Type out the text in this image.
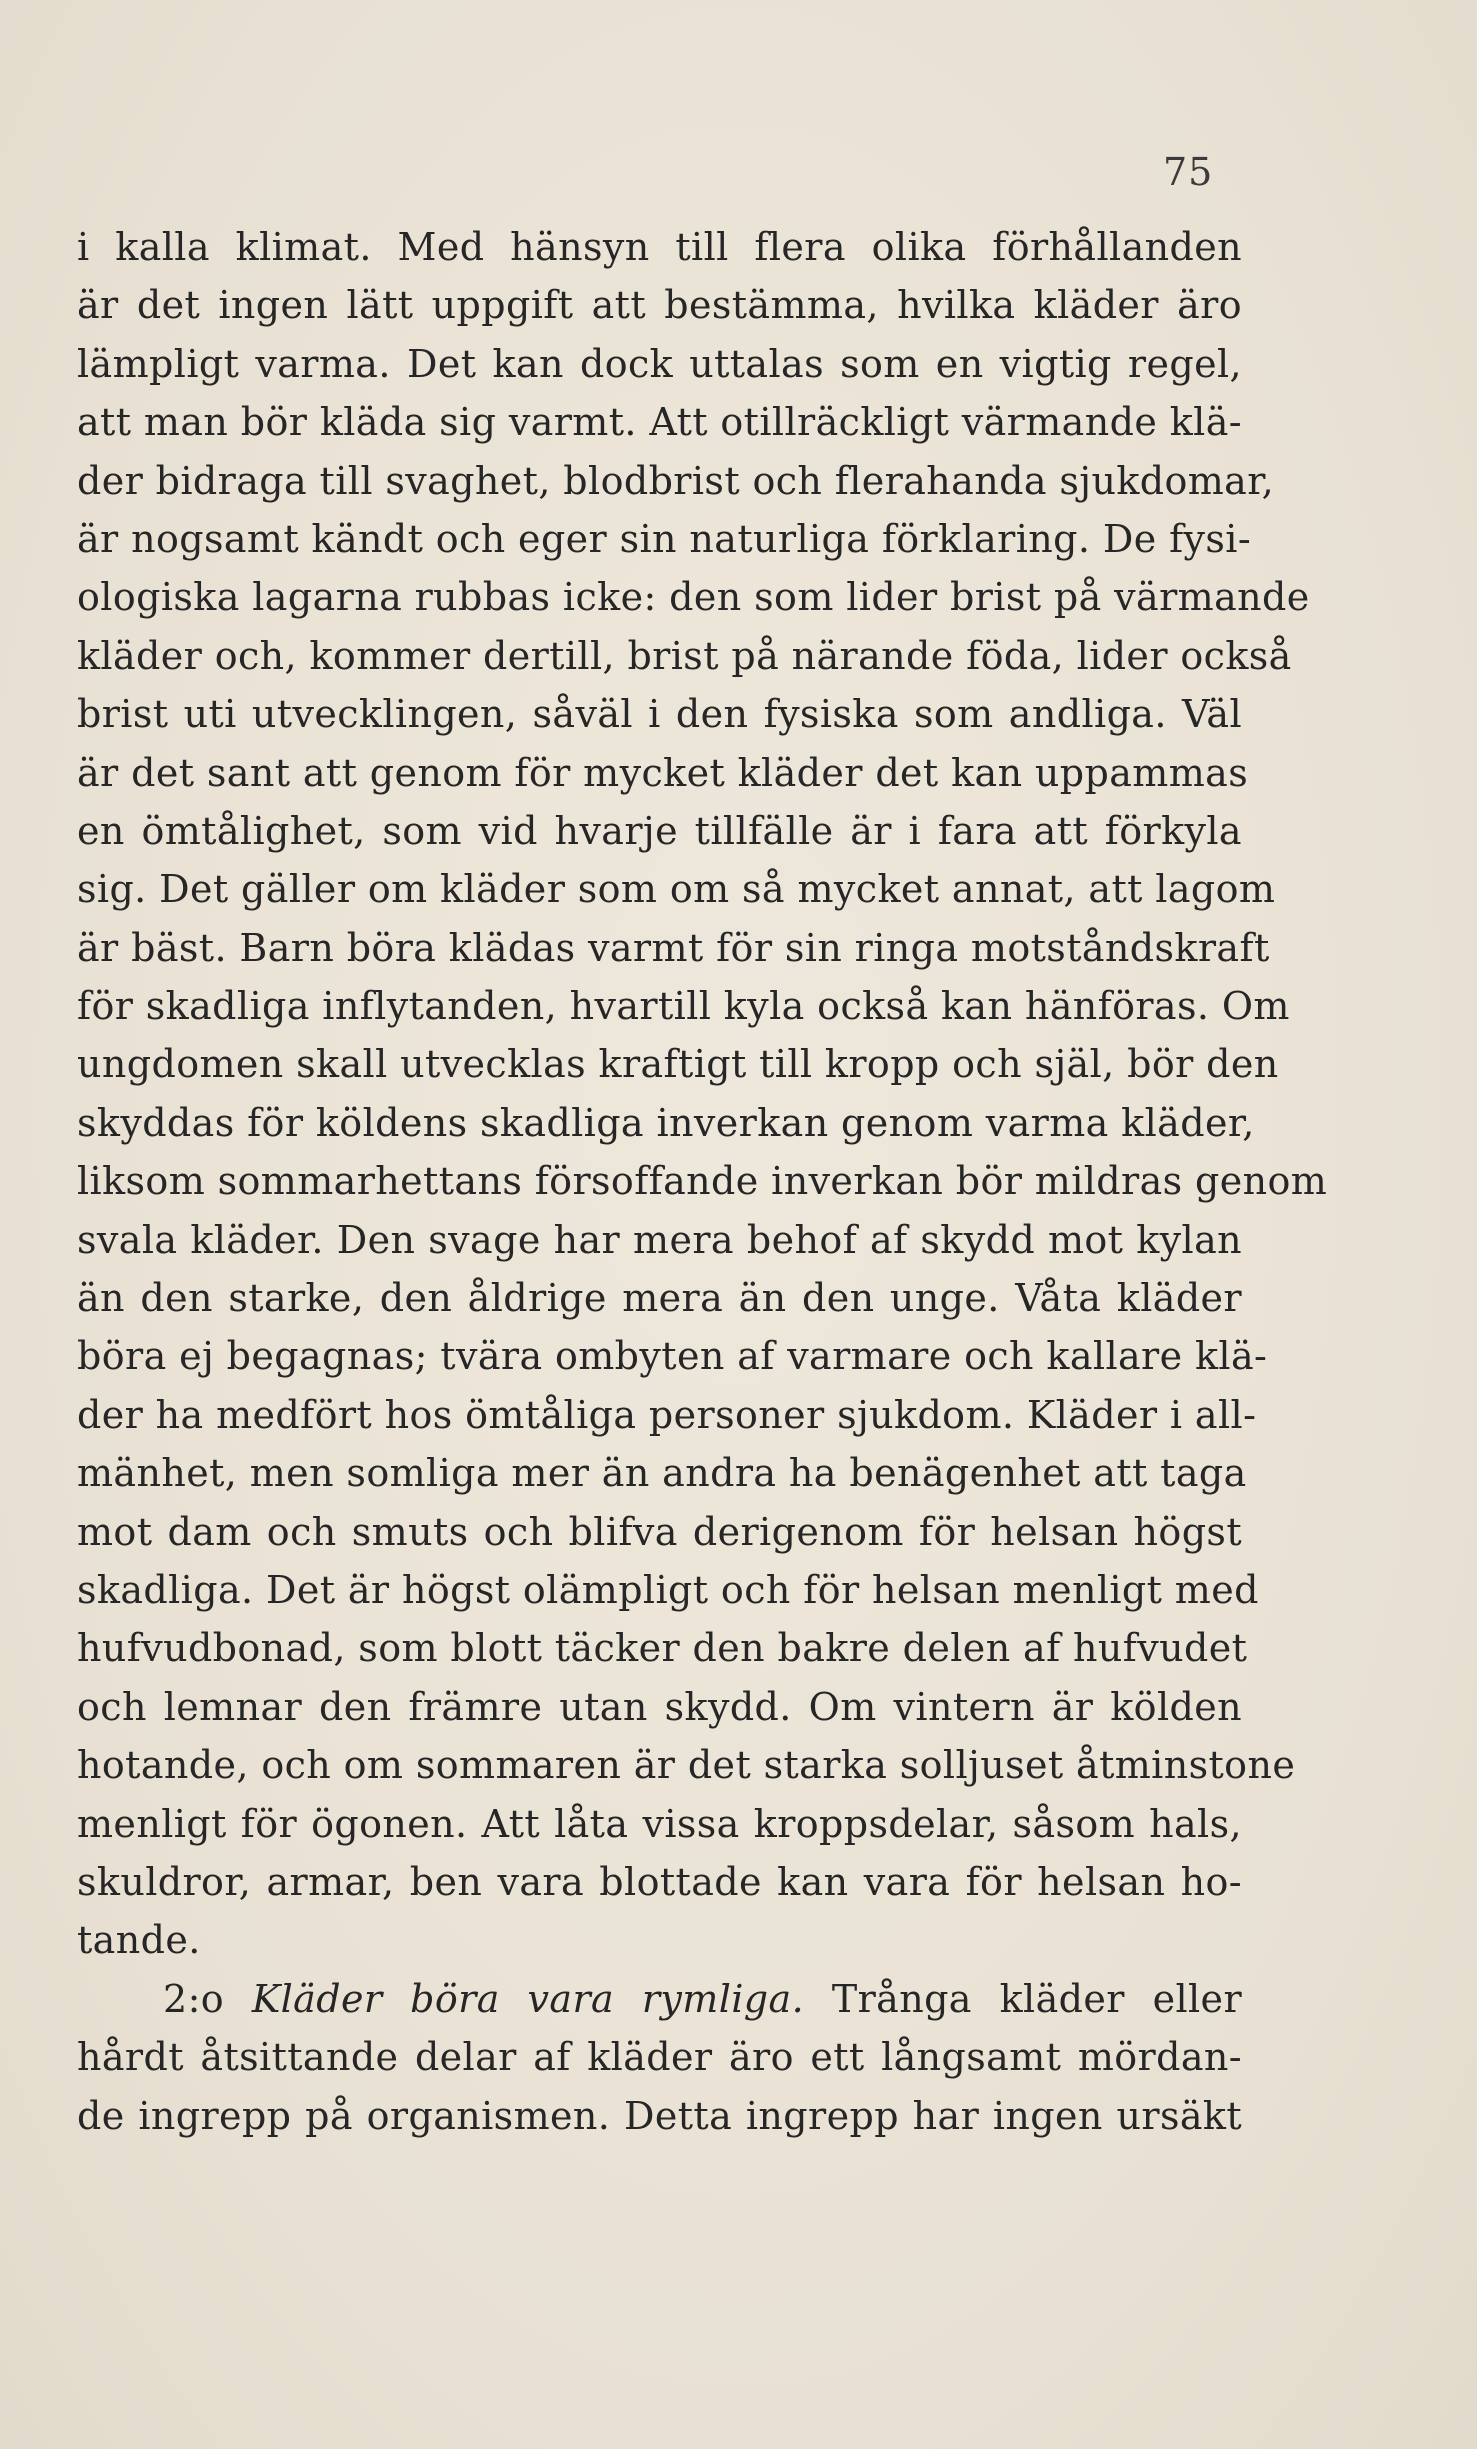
75
i kalla klimat. Med hänsyn till flera olika förhållanden
är det ingen lätt uppgift att bestämma, hvilka kläder äro
lämpligt varma. Det kan dock uttalas som en vigtig regel,
att man bör kläda sig varmt. Att otillräckligt värmande klä-
der bidraga till svaghet, blodbrist och flerahanda sjukdomar,
är nogsamt kändt och eger sin naturliga förklaring. De fysi-
ologiska lagarna rubbas icke: den som lider brist på värmande
kläder och, kommer dertill, brist på närande föda, lider också
brist uti utvecklingen, såväl i den fysiska som andliga. Väl
är det sant att genom för mycket kläder det kan uppammas
en ömtålighet, som vid hvarje tillfälle är i fara att förkyla
sig. Det gäller om kläder som om så mycket annat, att lagom
är bäst. Barn böra klädas varmt för sin ringa motståndskraft
för skadliga inflytanden, hvartill kyla också kan hänföras. Om
ungdomen skall utvecklas kraftigt till kropp och själ, bör den
skyddas för köldens skadliga inverkan genom varma kläder,
liksom sommarhettans försoffande inverkan bör mildras genom
svala kläder. Den svage har mera behof af skydd mot kylan
än den starke, den åldrige mera än den unge. Våta kläder
böra ej begagnas; tvära ombyten af varmare och kallare klä-
der ha medfört hos ömtåliga personer sjukdom. Kläder i all-
mänhet, men somliga mer än andra ha benägenhet att taga
mot dam och smuts och blifva derigenom för helsan högst
skadliga. Det är högst olämpligt och för helsan menligt med
hufvudbonad, som blott täcker den bakre delen af hufvudet
och lemnar den främre utan skydd. Om vintern är kölden
hotande, och om sommaren är det starka solljuset åtminstone
menligt för ögonen. Att låta vissa kroppsdelar, såsom hals,
skuldror, armar, ben vara blottade kan vara för helsan ho-
tande.
2:o Kläder böra vara rymliga. Trånga kläder eller
hårdt åtsittande delar af kläder äro ett långsamt mördan-
de ingrepp på organismen. Detta ingrepp har ingen ursäkt
